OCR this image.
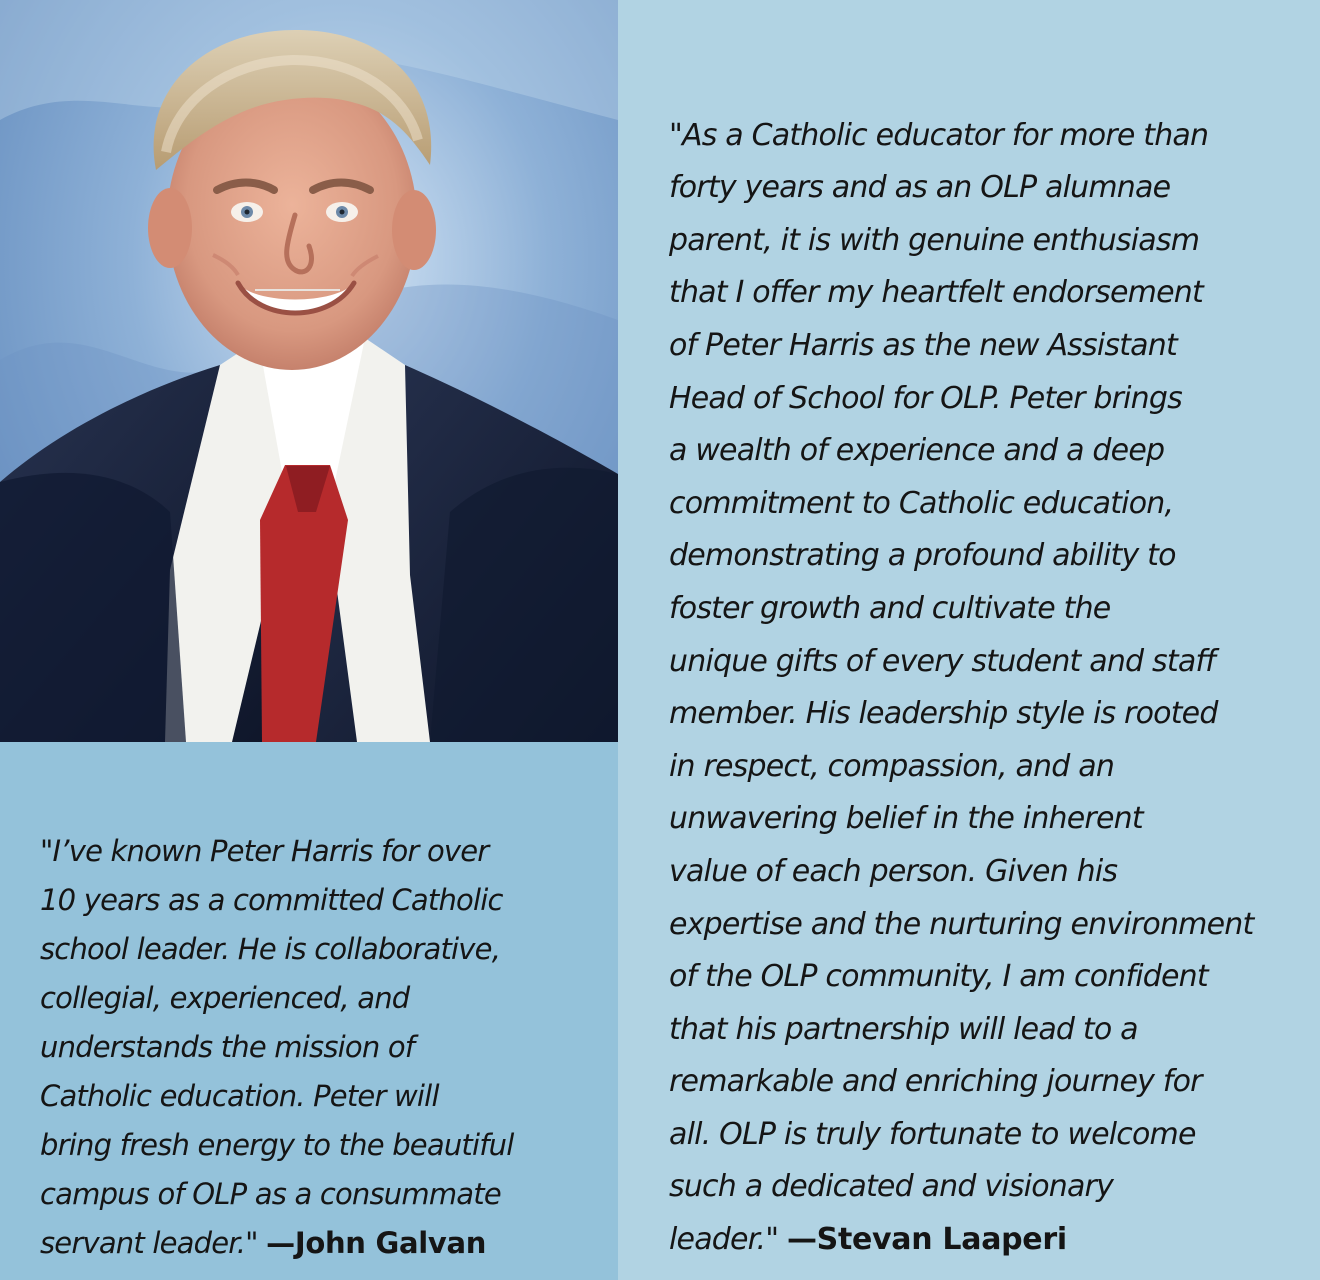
"I’ve known Peter Harris for over
10 years as a committed Catholic
school leader. He is collaborative,
collegial, experienced, and
understands the mission of
Catholic education. Peter will
bring fresh energy to the beautiful
campus of OLP as a consummate
servant leader." —John Galvan

"As a Catholic educator for more than
forty years and as an OLP alumnae
parent, it is with genuine enthusiasm
that I offer my heartfelt endorsement
of Peter Harris as the new Assistant
Head of School for OLP. Peter brings
a wealth of experience and a deep
commitment to Catholic education,
demonstrating a profound ability to
foster growth and cultivate the
unique gifts of every student and staff
member. His leadership style is rooted
in respect, compassion, and an
unwavering belief in the inherent
value of each person. Given his
expertise and the nurturing environment
of the OLP community, I am confident
that his partnership will lead to a
remarkable and enriching journey for
all. OLP is truly fortunate to welcome
such a dedicated and visionary
leader." —Stevan Laaperi
